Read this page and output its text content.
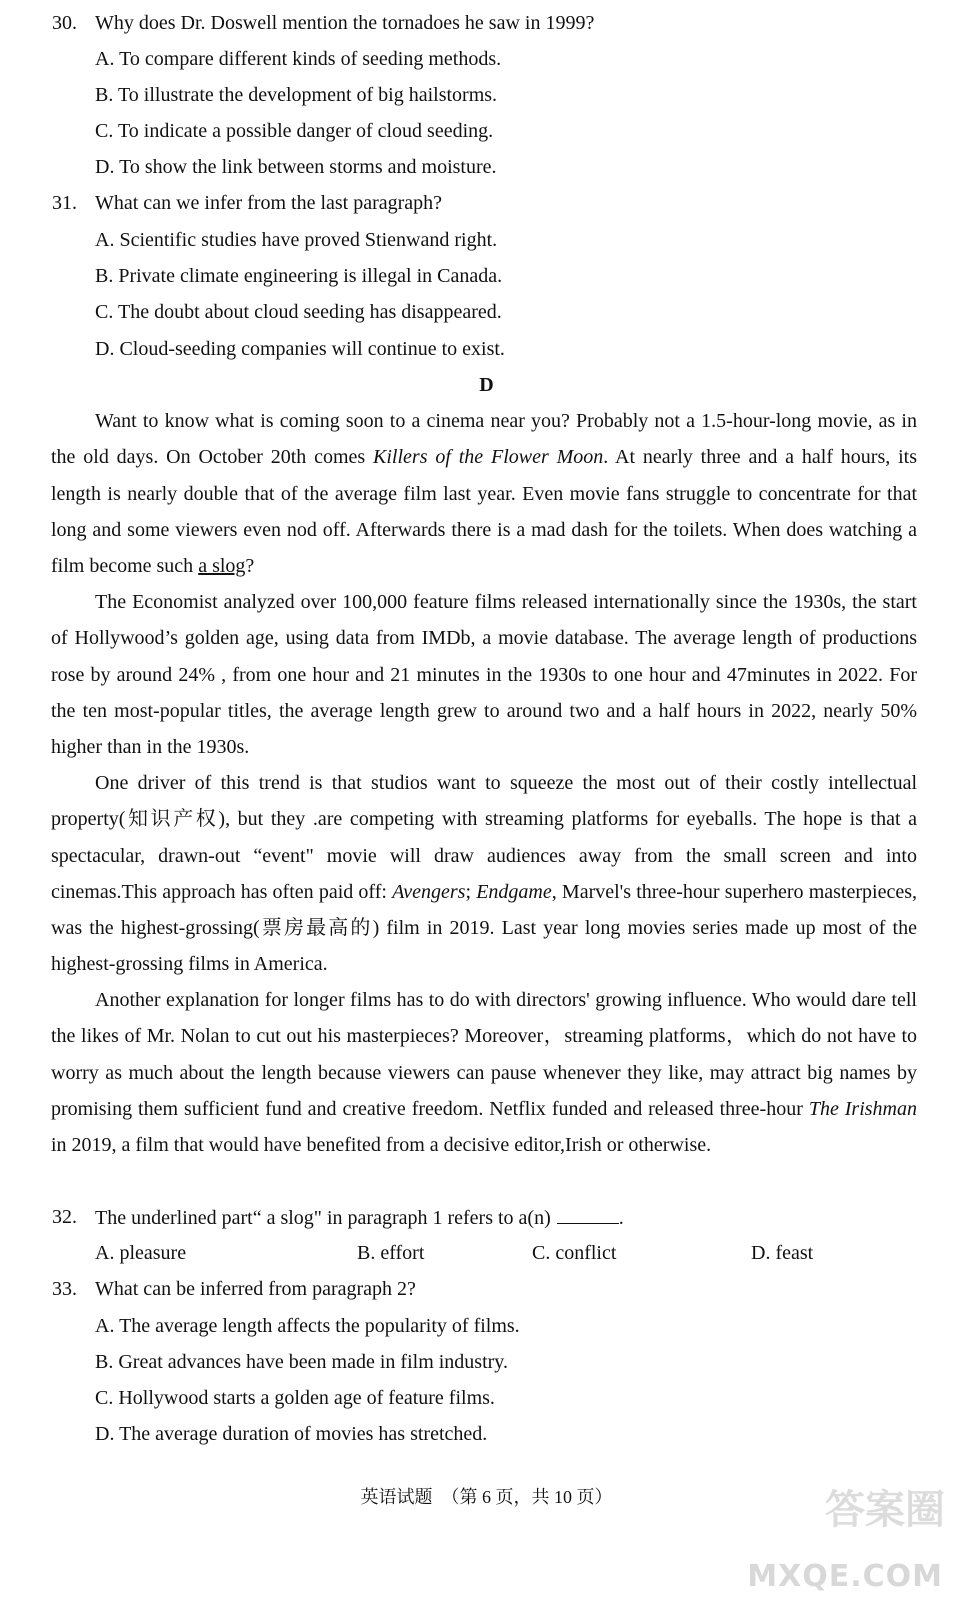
30. Why does Dr. Doswell mention the tornadoes he saw in 1999?
A. To compare different kinds of seeding methods.
B. To illustrate the development of big hailstorms.
C. To indicate a possible danger of cloud seeding.
D. To show the link between storms and moisture.
31. What can we infer from the last paragraph?
A. Scientific studies have proved Stienwand right.
B. Private climate engineering is illegal in Canada.
C. The doubt about cloud seeding has disappeared.
D. Cloud-seeding companies will continue to exist.
D
Want to know what is coming soon to a cinema near you? Probably not a 1.5-hour-long movie, as in the old days. On October 20th comes Killers of the Flower Moon. At nearly three and a half hours, its length is nearly double that of the average film last year. Even movie fans struggle to concentrate for that long and some viewers even nod off. Afterwards there is a mad dash for the toilets. When does watching a film become such a slog?
The Economist analyzed over 100,000 feature films released internationally since the 1930s, the start of Hollywood’s golden age, using data from IMDb, a movie database. The average length of productions rose by around 24% , from one hour and 21 minutes in the 1930s to one hour and 47minutes in 2022. For the ten most-popular titles, the average length grew to around two and a half hours in 2022, nearly 50% higher than in the 1930s.
One driver of this trend is that studios want to squeeze the most out of their costly intellectual property(知识产权), but they .are competing with streaming platforms for eyeballs. The hope is that a spectacular, drawn-out “event" movie will draw audiences away from the small screen and into cinemas.This approach has often paid off: Avengers; Endgame, Marvel's three-hour superhero masterpieces, was the highest-grossing(票房最高的) film in 2019. Last year long movies series made up most of the highest-grossing films in America.
Another explanation for longer films has to do with directors' growing influence. Who would dare tell the likes of Mr. Nolan to cut out his masterpieces? Moreover，streaming platforms，which do not have to worry as much about the length because viewers can pause whenever they like, may attract big names by promising them sufficient fund and creative freedom. Netflix funded and released three-hour The Irishman in 2019, a film that would have benefited from a decisive editor,Irish or otherwise.
32. The underlined part“ a slog" in paragraph 1 refers to a(n)	.
A. pleasure	B. effort	C. conflict	D. feast
33. What can be inferred from paragraph 2?
A. The average length affects the popularity of films.
B. Great advances have been made in film industry.
C. Hollywood starts a golden age of feature films.
D. The average duration of movies has stretched.
英语试题　（第 6 页，共 10 页）	答案圈
MXQE.COM
